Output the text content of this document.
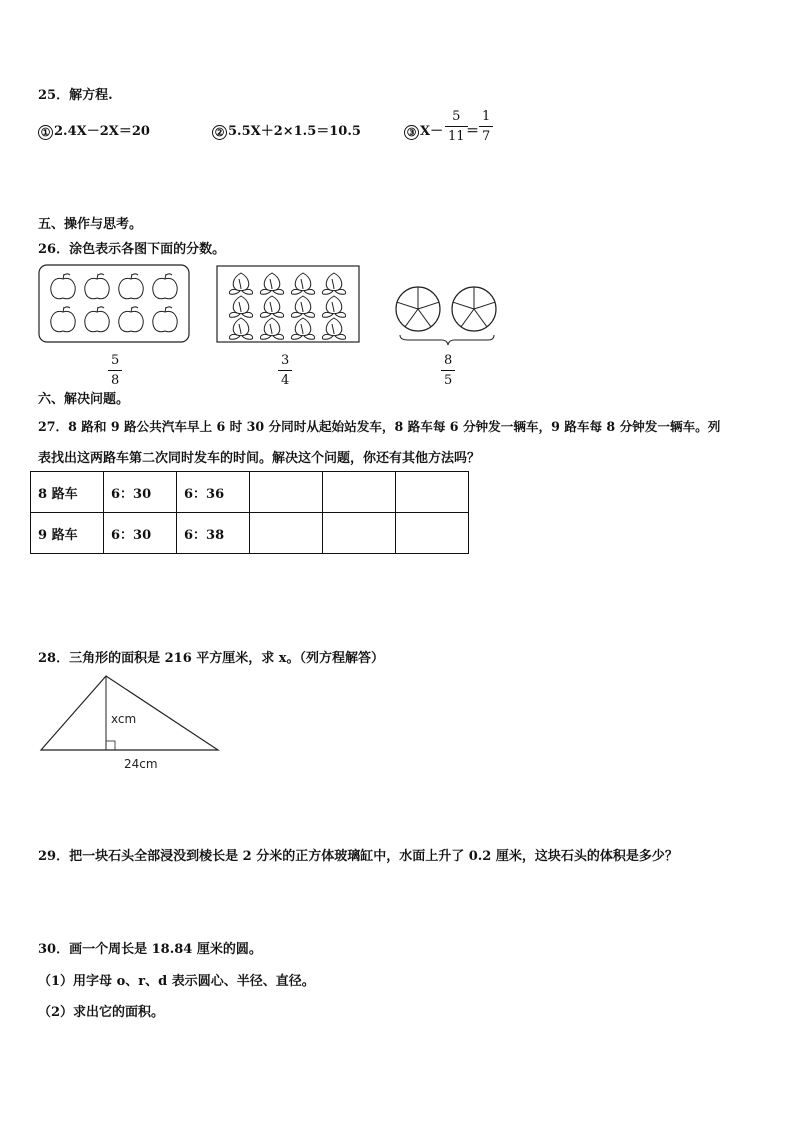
25．解方程.
① 2.4X－2X＝20	② 5.5X＋2×1.5＝10.5	③ $X- \frac{5}{11}$
＝ $\frac{1}{7}$
五、操作与思考。
26．涂色表示各图下面的分数。
$\frac{5}{8}$	$\frac{3}{4}$	$\frac{8}{5}$
六、解决问题。
27．8 路和 9 路公共汽车早上 6 时 30 分同时从起始站发车，8 路车每 6 分钟发一辆车，9 路车每 8 分钟发一辆车。列
表找出这两路车第二次同时发车的时间。解决这个问题，你还有其他方法吗？
8 路车	6：30	6：36			
9 路车	6：30	6：38			
28．三角形的面积是 216 平方厘米，求 x。（列方程解答）
xcm
24cm
29．把一块石头全部浸没到棱长是 2 分米的正方体玻璃缸中，水面上升了 0.2 厘米，这块石头的体积是多少？
30．画一个周长是 18.84 厘米的圆。
（1）用字母 o、r、d 表示圆心、半径、直径。
（2）求出它的面积。
